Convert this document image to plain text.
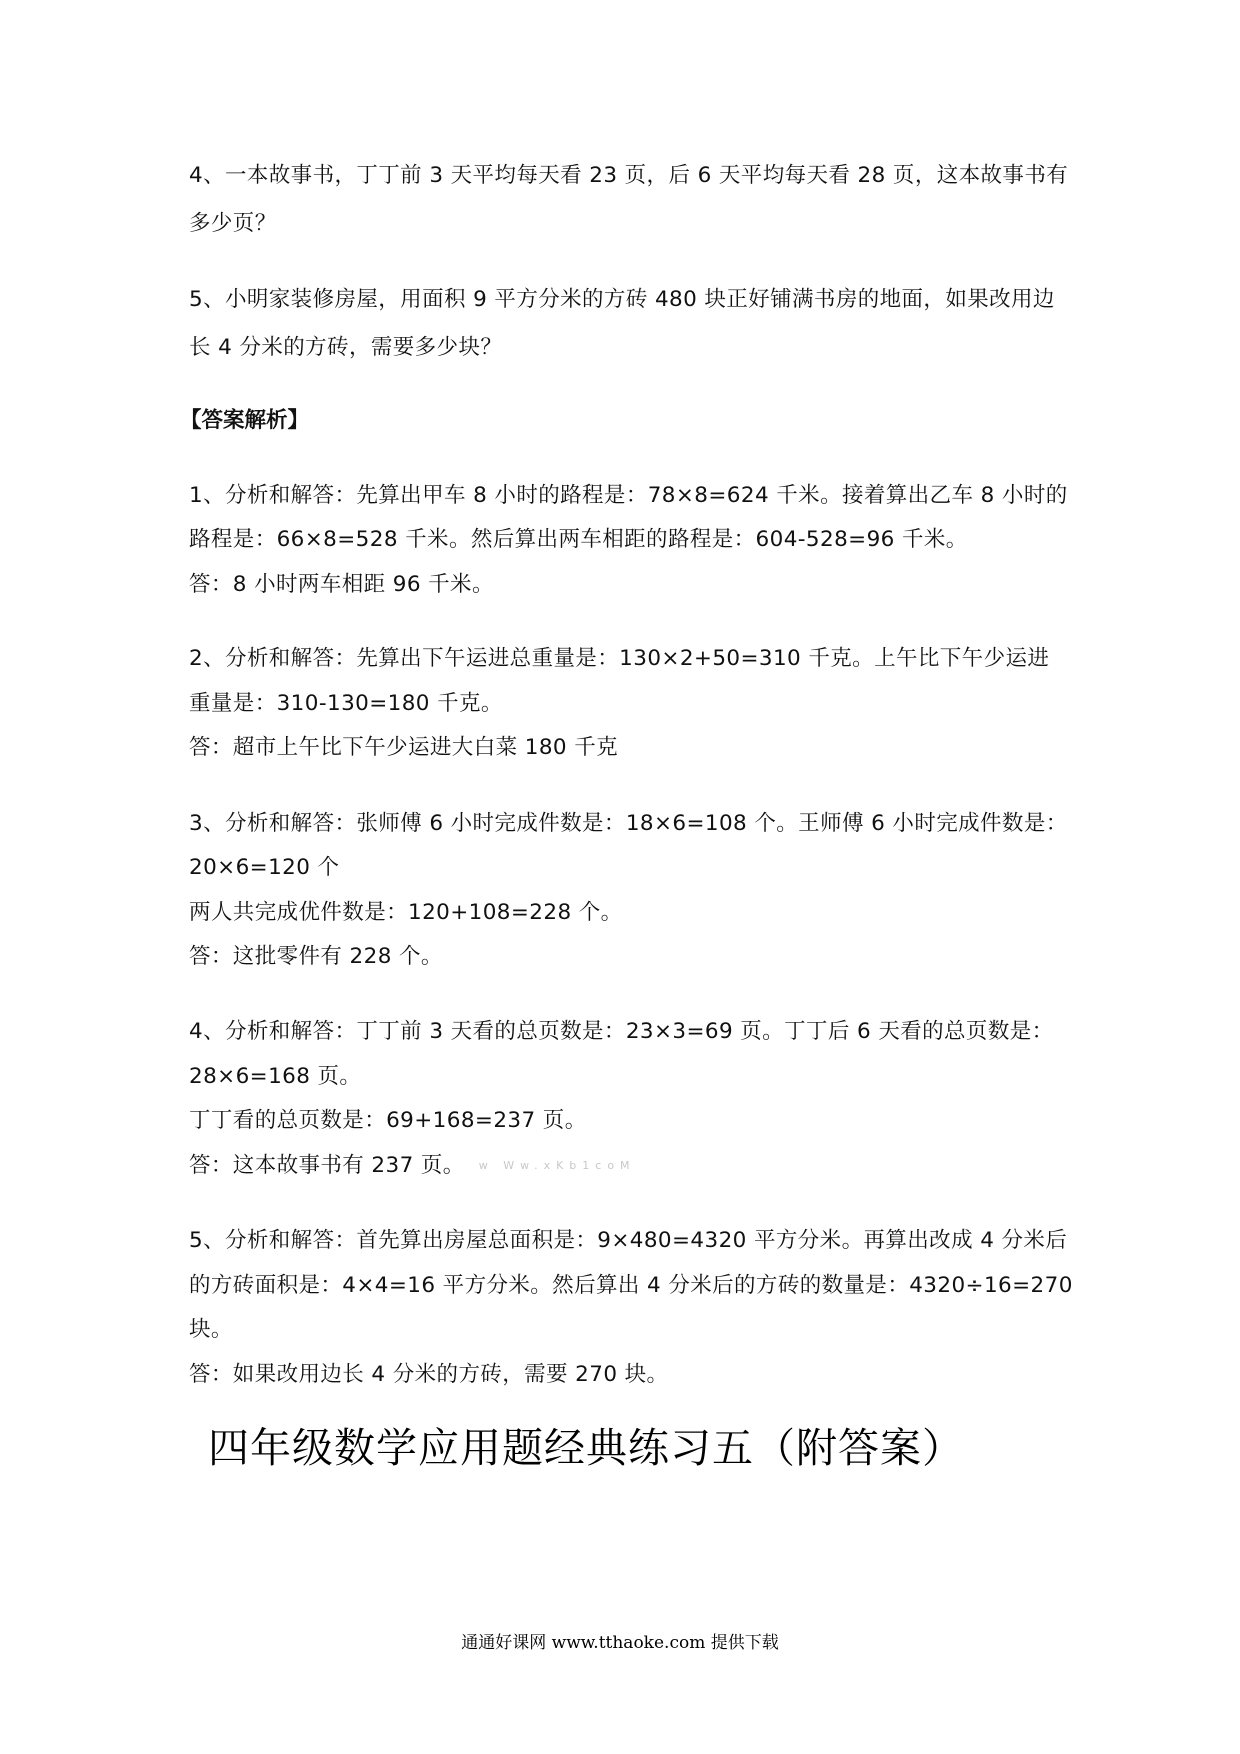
4、一本故事书，丁丁前 3 天平均每天看 23 页，后 6 天平均每天看 28 页，这本故事书有
多少页？
5、小明家装修房屋，用面积 9 平方分米的方砖 480 块正好铺满书房的地面，如果改用边
长 4 分米的方砖，需要多少块？
【答案解析】
1、分析和解答：先算出甲车 8 小时的路程是：78×8=624 千米。接着算出乙车 8 小时的
路程是：66×8=528 千米。然后算出两车相距的路程是：604-528=96 千米。
答：8 小时两车相距 96 千米。
2、分析和解答：先算出下午运进总重量是：130×2+50=310 千克。上午比下午少运进
重量是：310-130=180 千克。
答：超市上午比下午少运进大白菜 180 千克
3、分析和解答：张师傅 6 小时完成件数是：18×6=108 个。王师傅 6 小时完成件数是：
20×6=120 个
两人共完成优件数是：120+108=228 个。
答：这批零件有 228 个。
4、分析和解答：丁丁前 3 天看的总页数是：23×3=69 页。丁丁后 6 天看的总页数是：
28×6=168 页。
丁丁看的总页数是：69+168=237 页。
答：这本故事书有 237 页。 w Ww.xKb1coM
5、分析和解答：首先算出房屋总面积是：9×480=4320 平方分米。再算出改成 4 分米后
的方砖面积是：4×4=16 平方分米。然后算出 4 分米后的方砖的数量是：4320÷16=270
块。
答：如果改用边长 4 分米的方砖，需要 270 块。
四年级数学应用题经典练习五（附答案）
通通好课网 www.tthaoke.com 提供下载
